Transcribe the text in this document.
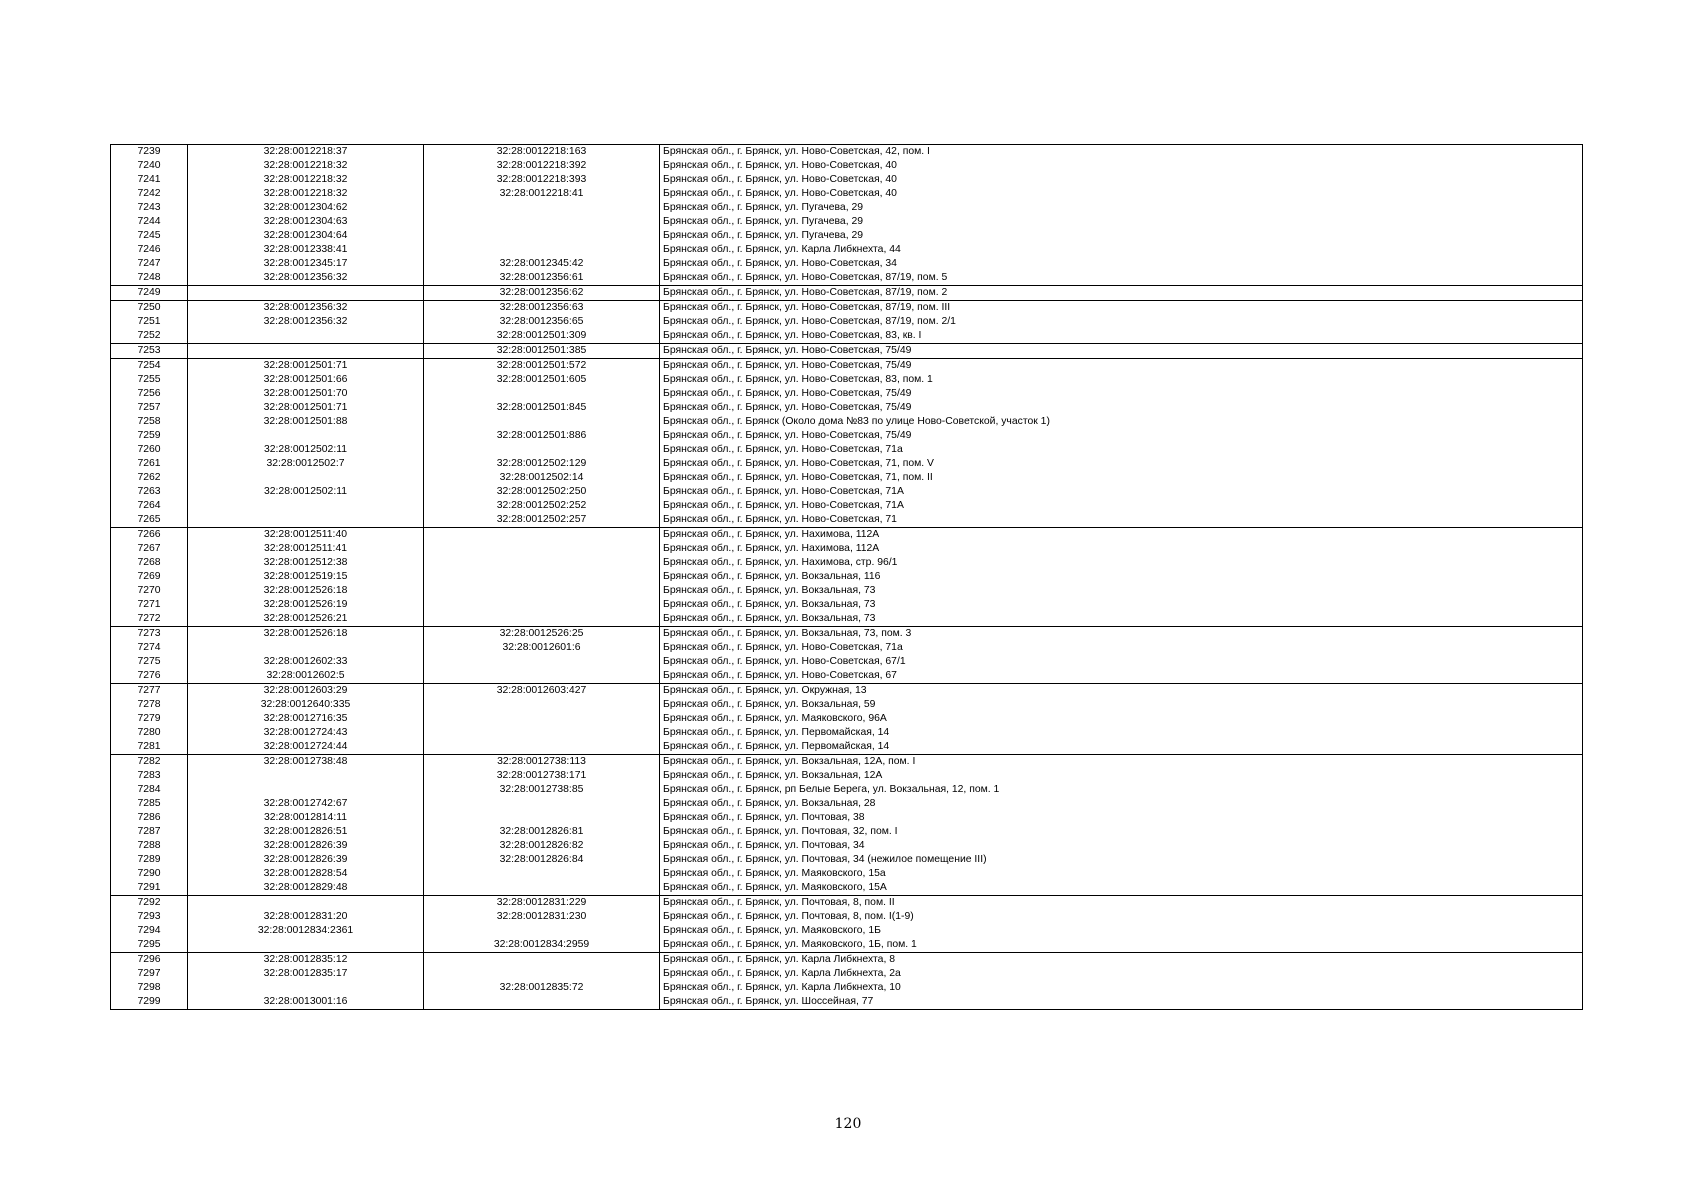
7239	32:28:0012218:37	32:28:0012218:163	Брянская обл., г. Брянск, ул. Ново-Советская, 42, пом. I
7240	32:28:0012218:32	32:28:0012218:392	Брянская обл., г. Брянск, ул. Ново-Советская, 40
7241	32:28:0012218:32	32:28:0012218:393	Брянская обл., г. Брянск, ул. Ново-Советская, 40
7242	32:28:0012218:32	32:28:0012218:41	Брянская обл., г. Брянск, ул. Ново-Советская, 40
7243	32:28:0012304:62		Брянская обл., г. Брянск, ул. Пугачева, 29
7244	32:28:0012304:63		Брянская обл., г. Брянск, ул. Пугачева, 29
7245	32:28:0012304:64		Брянская обл., г. Брянск, ул. Пугачева, 29
7246	32:28:0012338:41		Брянская обл., г. Брянск, ул. Карла Либкнехта, 44
7247	32:28:0012345:17	32:28:0012345:42	Брянская обл., г. Брянск, ул. Ново-Советская, 34
7248	32:28:0012356:32	32:28:0012356:61	Брянская обл., г. Брянск, ул. Ново-Советская, 87/19, пом. 5
7249		32:28:0012356:62	Брянская обл., г. Брянск, ул. Ново-Советская, 87/19, пом. 2
7250	32:28:0012356:32	32:28:0012356:63	Брянская обл., г. Брянск, ул. Ново-Советская, 87/19, пом. III
7251	32:28:0012356:32	32:28:0012356:65	Брянская обл., г. Брянск, ул. Ново-Советская, 87/19, пом. 2/1
7252		32:28:0012501:309	Брянская обл., г. Брянск, ул. Ново-Советская, 83, кв. I
7253		32:28:0012501:385	Брянская обл., г. Брянск, ул. Ново-Советская, 75/49
7254	32:28:0012501:71	32:28:0012501:572	Брянская обл., г. Брянск, ул. Ново-Советская, 75/49
7255	32:28:0012501:66	32:28:0012501:605	Брянская обл., г. Брянск, ул. Ново-Советская, 83, пом. 1
7256	32:28:0012501:70		Брянская обл., г. Брянск, ул. Ново-Советская, 75/49
7257	32:28:0012501:71	32:28:0012501:845	Брянская обл., г. Брянск, ул. Ново-Советская, 75/49
7258	32:28:0012501:88		Брянская обл., г. Брянск (Около дома №83 по улице Ново-Советской, участок 1)
7259		32:28:0012501:886	Брянская обл., г. Брянск, ул. Ново-Советская, 75/49
7260	32:28:0012502:11		Брянская обл., г. Брянск, ул. Ново-Советская, 71а
7261	32:28:0012502:7	32:28:0012502:129	Брянская обл., г. Брянск, ул. Ново-Советская, 71, пом. V
7262		32:28:0012502:14	Брянская обл., г. Брянск, ул. Ново-Советская, 71, пом. II
7263	32:28:0012502:11	32:28:0012502:250	Брянская обл., г. Брянск, ул. Ново-Советская, 71А
7264		32:28:0012502:252	Брянская обл., г. Брянск, ул. Ново-Советская, 71А
7265		32:28:0012502:257	Брянская обл., г. Брянск, ул. Ново-Советская, 71
7266	32:28:0012511:40		Брянская обл., г. Брянск, ул. Нахимова, 112А
7267	32:28:0012511:41		Брянская обл., г. Брянск, ул. Нахимова, 112А
7268	32:28:0012512:38		Брянская обл., г. Брянск, ул. Нахимова, стр. 96/1
7269	32:28:0012519:15		Брянская обл., г. Брянск, ул. Вокзальная, 116
7270	32:28:0012526:18		Брянская обл., г. Брянск, ул. Вокзальная, 73
7271	32:28:0012526:19		Брянская обл., г. Брянск, ул. Вокзальная, 73
7272	32:28:0012526:21		Брянская обл., г. Брянск, ул. Вокзальная, 73
7273	32:28:0012526:18	32:28:0012526:25	Брянская обл., г. Брянск, ул. Вокзальная, 73, пом. 3
7274		32:28:0012601:6	Брянская обл., г. Брянск, ул. Ново-Советская, 71а
7275	32:28:0012602:33		Брянская обл., г. Брянск, ул. Ново-Советская, 67/1
7276	32:28:0012602:5		Брянская обл., г. Брянск, ул. Ново-Советская, 67
7277	32:28:0012603:29	32:28:0012603:427	Брянская обл., г. Брянск, ул. Окружная, 13
7278	32:28:0012640:335		Брянская обл., г. Брянск, ул. Вокзальная, 59
7279	32:28:0012716:35		Брянская обл., г. Брянск, ул. Маяковского, 96А
7280	32:28:0012724:43		Брянская обл., г. Брянск, ул. Первомайская, 14
7281	32:28:0012724:44		Брянская обл., г. Брянск, ул. Первомайская, 14
7282	32:28:0012738:48	32:28:0012738:113	Брянская обл., г. Брянск, ул. Вокзальная, 12А, пом. I
7283		32:28:0012738:171	Брянская обл., г. Брянск, ул. Вокзальная, 12А
7284		32:28:0012738:85	Брянская обл., г. Брянск, рп Белые Берега, ул. Вокзальная, 12, пом. 1
7285	32:28:0012742:67		Брянская обл., г. Брянск, ул. Вокзальная, 28
7286	32:28:0012814:11		Брянская обл., г. Брянск, ул. Почтовая, 38
7287	32:28:0012826:51	32:28:0012826:81	Брянская обл., г. Брянск, ул. Почтовая, 32, пом. I
7288	32:28:0012826:39	32:28:0012826:82	Брянская обл., г. Брянск, ул. Почтовая, 34
7289	32:28:0012826:39	32:28:0012826:84	Брянская обл., г. Брянск, ул. Почтовая, 34 (нежилое помещение III)
7290	32:28:0012828:54		Брянская обл., г. Брянск, ул. Маяковского, 15а
7291	32:28:0012829:48		Брянская обл., г. Брянск, ул. Маяковского, 15А
7292		32:28:0012831:229	Брянская обл., г. Брянск, ул. Почтовая, 8, пом. II
7293	32:28:0012831:20	32:28:0012831:230	Брянская обл., г. Брянск, ул. Почтовая, 8, пом. I(1-9)
7294	32:28:0012834:2361		Брянская обл., г. Брянск, ул. Маяковского, 1Б
7295		32:28:0012834:2959	Брянская обл., г. Брянск, ул. Маяковского, 1Б, пом. 1
7296	32:28:0012835:12		Брянская обл., г. Брянск, ул. Карла Либкнехта, 8
7297	32:28:0012835:17		Брянская обл., г. Брянск, ул. Карла Либкнехта, 2а
7298		32:28:0012835:72	Брянская обл., г. Брянск, ул. Карла Либкнехта, 10
7299	32:28:0013001:16		Брянская обл., г. Брянск, ул. Шоссейная, 77
120
